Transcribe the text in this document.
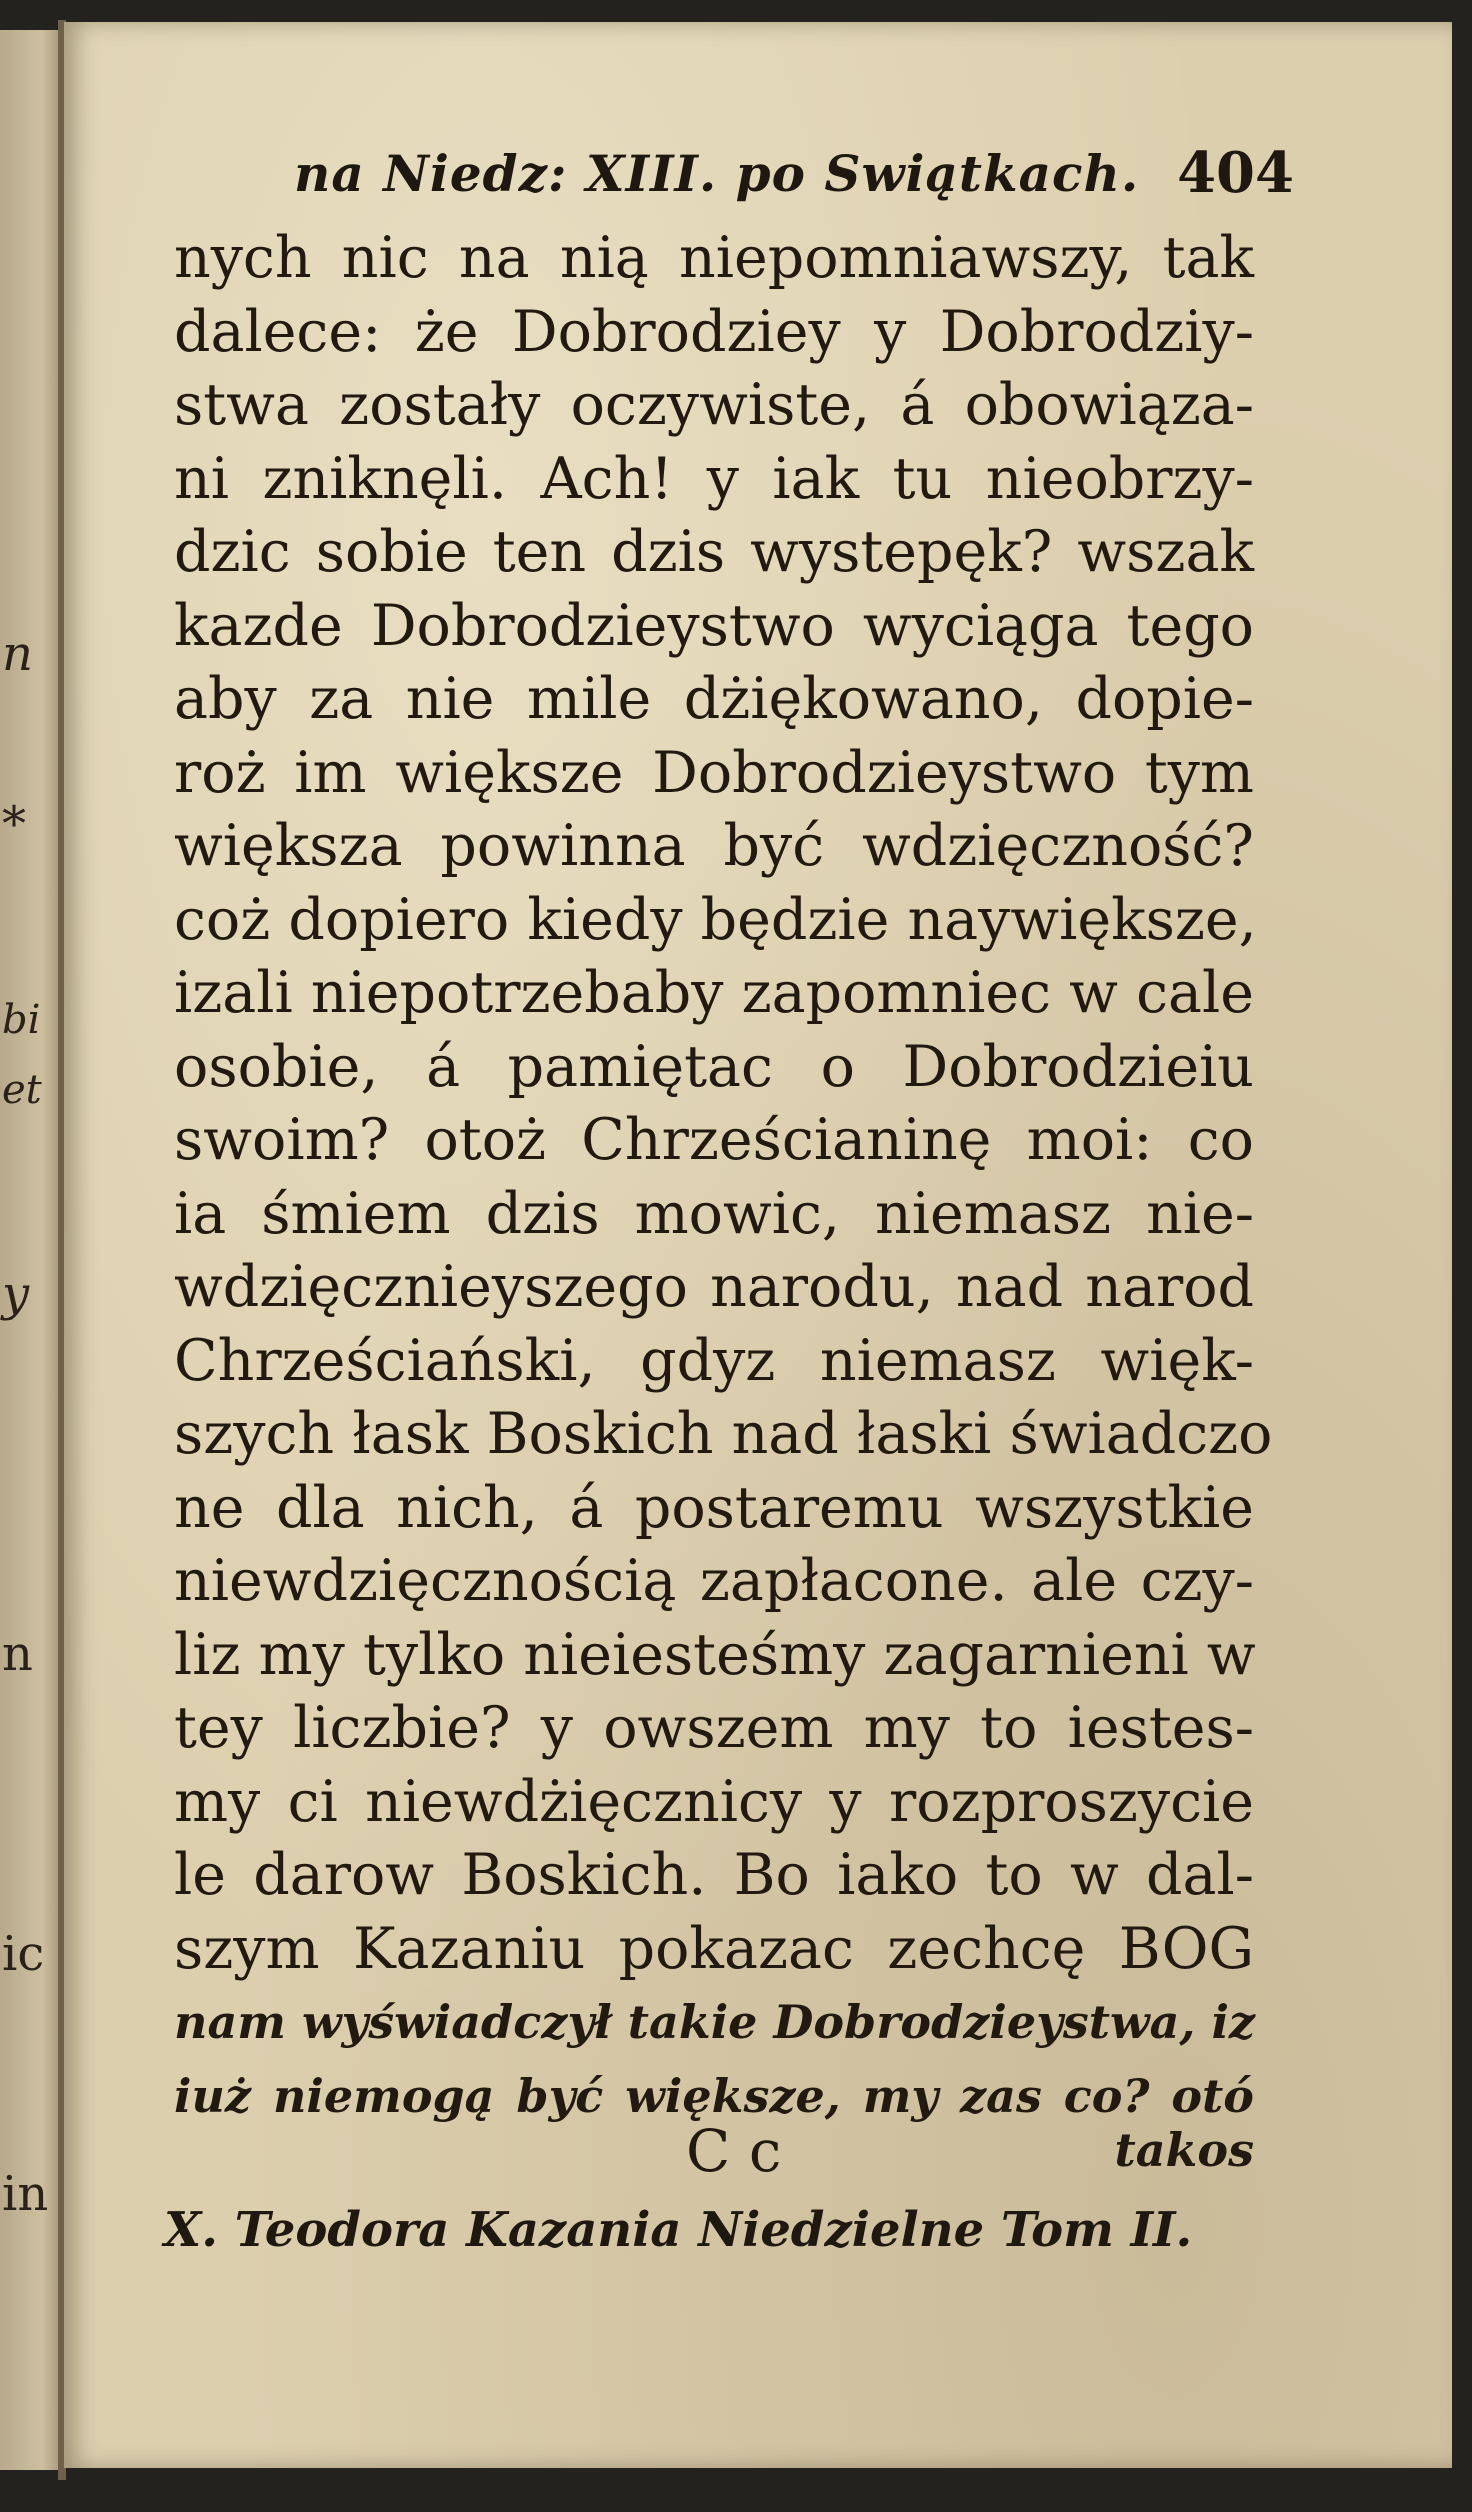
n
*
bi
et
y
n
ic
in
na Niedz: XIII. po Swiątkach. 404
nych nic na nią niepomniawszy, tak
dalece: że Dobrodziey y Dobrodziy-
stwa zostały oczywiste, á obowiąza-
ni zniknęli. Ach! y iak tu nieobrzy-
dzic sobie ten dzis wystepęk? wszak
kazde Dobrodzieystwo wyciąga tego
aby za nie mile dżiękowano, dopie-
roż im większe Dobrodzieystwo tym
większa powinna być wdzięczność?
coż dopiero kiedy będzie naywiększe,
izali niepotrzebaby zapomniec w cale
osobie, á pamiętac o Dobrodzieiu
swoim? otoż Chrześcianinę moi: co
ia śmiem dzis mowic, niemasz nie-
wdzięcznieyszego narodu, nad narod
Chrześciański, gdyz niemasz więk-
szych łask Boskich nad łaski świadczo
ne dla nich, á postaremu wszystkie
niewdzięcznością zapłacone. ale czy-
liz my tylko nieiesteśmy zagarnieni w
tey liczbie? y owszem my to iestes-
my ci niewdżięcznicy y rozproszycie
le darow Boskich. Bo iako to w dal-
szym Kazaniu pokazac zechcę BOG
nam wyświadczył takie Dobrodzieystwa, iz
iuż niemogą być większe, my zas co? otó
C c	takos
X. Teodora Kazania Niedzielne Tom II.
